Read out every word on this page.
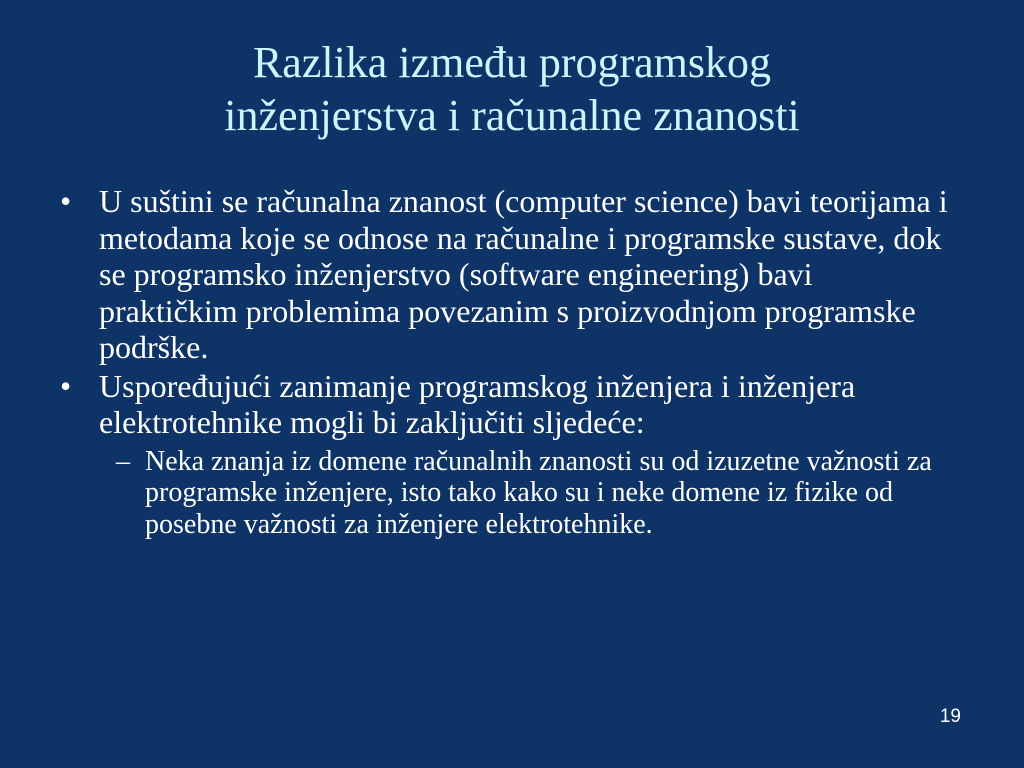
Razlika između programskog
inženjerstva i računalne znanosti
• U suštini se računalna znanost (computer science) bavi teorijama i metodama koje se odnose na računalne i programske sustave, dok se programsko inženjerstvo (software engineering) bavi praktičkim problemima povezanim s proizvodnjom programske podrške.
• Uspoređujući zanimanje programskog inženjera i inženjera elektrotehnike mogli bi zaključiti sljedeće:
– Neka znanja iz domene računalnih znanosti su od izuzetne važnosti za programske inženjere, isto tako kako su i neke domene iz fizike od posebne važnosti za inženjere elektrotehnike.
19
